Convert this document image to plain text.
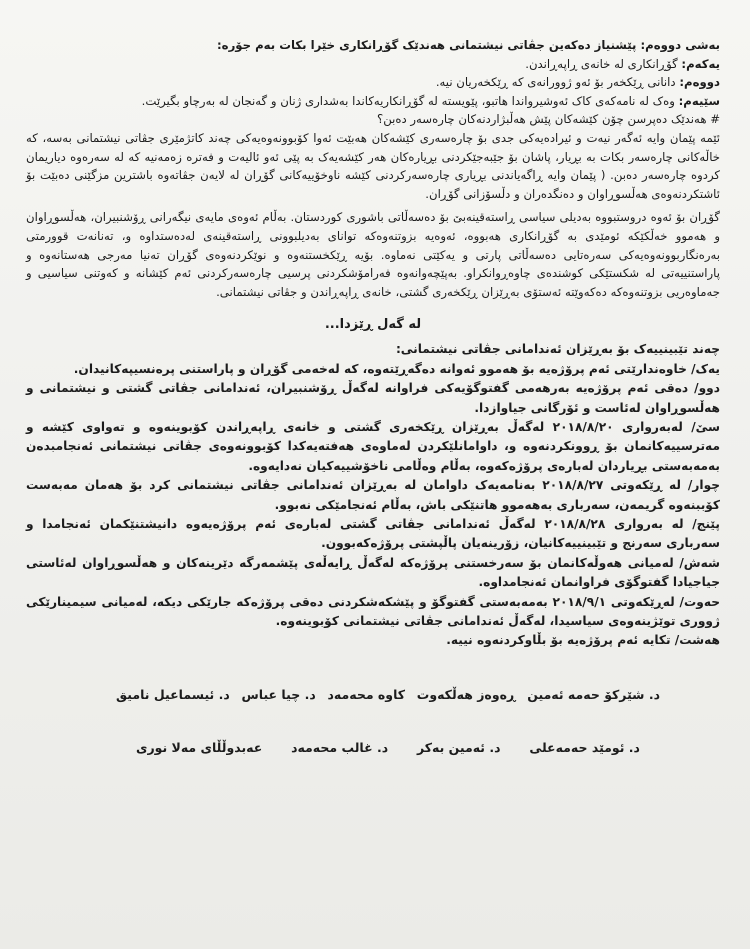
بەشی دووەم: پێشنیاز دەکەین جڤاتی نیشتمانی هەندێک گۆڕانکاری خێرا بکات بەم جۆرە:

یەکەم: گۆڕانکاری لە خانەی ڕاپەڕاندن.

دووەم: دانانی ڕێکخەر بۆ ئەو ژوورانەی کە ڕێکخەریان نیە.

سێیەم: وەک لە نامەکەی کاک ئەوشیرواندا هاتبو، پێویستە لە گۆڕانکاریەکاندا بەشداری ژنان و گەنجان لە بەرچاو بگیرێت.

# هەندێک دەپرسن چۆن کێشەکان پێش هەڵبژاردنەکان چارەسەر دەبن؟

ئێمە پێمان وایە ئەگەر نیەت و ئیرادەیەکی جدی بۆ چارەسەری کێشەکان هەبێت ئەوا کۆبوونەوەیەکی چەند کاتژمێری جڤاتی نیشتمانی بەسە، کە خاڵەکانی چارەسەر بکات بە بڕیار، پاشان بۆ جێبەجێکردنی بڕیارەکان هەر کێشەیەک بە پێی ئەو ئالیەت و فەترە زەمەنیە کە لە سەرەوە دیاریمان کردوە چارەسەر دەبن. ( پێمان وایە ڕاگەیاندنی بڕیاری چارەسەرکردنی کێشە ناوخۆییەکانی گۆڕان لە لایەن جڤاتەوە باشترین مزگێنی دەبێت بۆ ئاشتکردنەوەی هەڵسوڕاوان و دەنگدەران و دڵسۆزانی گۆڕان.

گۆڕان بۆ ئەوە دروستبووە بەدیلی سیاسی ڕاستەقینەبێ بۆ دەسەڵاتی باشوری کوردستان. بەڵام ئەوەی مایەی نیگەرانی ڕۆشنبیران، هەڵسوڕاوان و هەموو خەڵکێکە ئومێدی بە گۆڕانکاری هەبووە، ئەوەیە بزوتنەوەکە توانای بەدیلبوونی ڕاستەقینەی لەدەستداوە و، تەنانەت قوورمتی بەرەنگاربوونەوەیەکی سەرەتایی دەسەڵاتی پارتی و یەکێتی نەماوە. بۆیە ڕێکخستنەوە و نوێکردنەوەی گۆڕان تەنیا مەرجی هەستانەوە و پاراستنییەتی لە شکستێکی کوشندەی چاوەڕوانکراو. بەپێچەوانەوە فەرامۆشکردنی پرسیی چارەسەرکردنی ئەم کێشانە و کەوتنی سیاسیی و جەماوەریی بزوتنەوەکە دەکەوێتە ئەستۆی بەڕێزان ڕێکخەری گشتی، خانەی ڕاپەڕاندن و جڤاتی نیشتمانی.

لە گەل ڕێزدا...

چەند تێبینییەک بۆ بەڕێزان ئەندامانی جڤاتی نیشتمانی:

یەک/ خاوەندارێتی ئەم پرۆژەیە بۆ هەموو ئەوانە دەگەڕێتەوە، کە لەخەمی گۆڕان و پاراستنی پرەنسیپەکانیدان.

دوو/ دەقی ئەم پرۆژەیە بەرهەمی گفتوگۆیەکی فراوانە لەگەڵ ڕۆشنبیران، ئەندامانی جڤاتی گشتی و نیشتمانی و هەڵسوڕاوان لەئاست و ئۆرگانی جیاوازدا.

سێ/ لەبەرواری ٢٠١٨/٨/٢٠ لەگەڵ بەڕێزان ڕێکخەری گشتی و خانەی ڕاپەڕاندن کۆبوینەوە و تەواوی کێشە و مەترسییەکانمان بۆ ڕوونکردنەوە و، داوامانلێکردن لەماوەی هەفتەیەکدا کۆبوونەوەی جڤاتی نیشتمانی ئەنجامبدەن بەمەبەستی بڕیاردان لەبارەی پرۆژەکەوە، بەڵام وەڵامی ناخۆشییەکیان نەدایەوە.

چوار/ لە ڕێکەوتی ٢٠١٨/٨/٢٧ بەنامەیەک داوامان لە بەڕێزان ئەندامانی جڤاتی نیشتمانی کرد بۆ هەمان مەبەست کۆببنەوە گریمەن، سەرباری بەهەموو هاتنێکی باش، بەڵام ئەنجامێکی نەبوو.

پێنج/ لە بەرواری ٢٠١٨/٨/٢٨ لەگەڵ ئەندامانی جڤاتی گشتی لەبارەی ئەم پرۆژەیەوە دانیشتنێکمان ئەنجامدا و سەرباری سەرنج و تێبینییەکانیان، زۆرینەیان پاڵپشتی پرۆژەکەبوون.

شەش/ لەمیانی هەوڵەکانمان بۆ سەرخستنی پرۆژەکە لەگەڵ ڕایەڵەی پێشمەرگە دێرینەکان و هەڵسوڕاوان لەئاستی جیاجیادا گفتوگۆی فراوانمان ئەنجامداوە.

حەوت/ لەڕێکەوتی ٢٠١٨/٩/١ بەمەبەستی گفتوگۆ و پێشکەشکردنی دەقی پرۆژەکە جارێکی دیکە، لەمیانی سیمینارێکی ژووری توێژینەوەی سیاسیدا، لەگەڵ ئەندامانی جڤاتی نیشتمانی کۆبوینەوە.

هەشت/ تکایە ئەم پرۆژەیە بۆ بڵاوکردنەوە نییە.

د. شێرکۆ حەمە ئەمین
ڕەوەز هەڵکەوت
کاوە محەمەد
د. چیا عباس
د. ئیسماعیل نامیق
د. ئومێد حەمەعلی
د. ئەمین بەکر
د. غالب محەمەد
عەبدوڵڵای مەلا نوری
